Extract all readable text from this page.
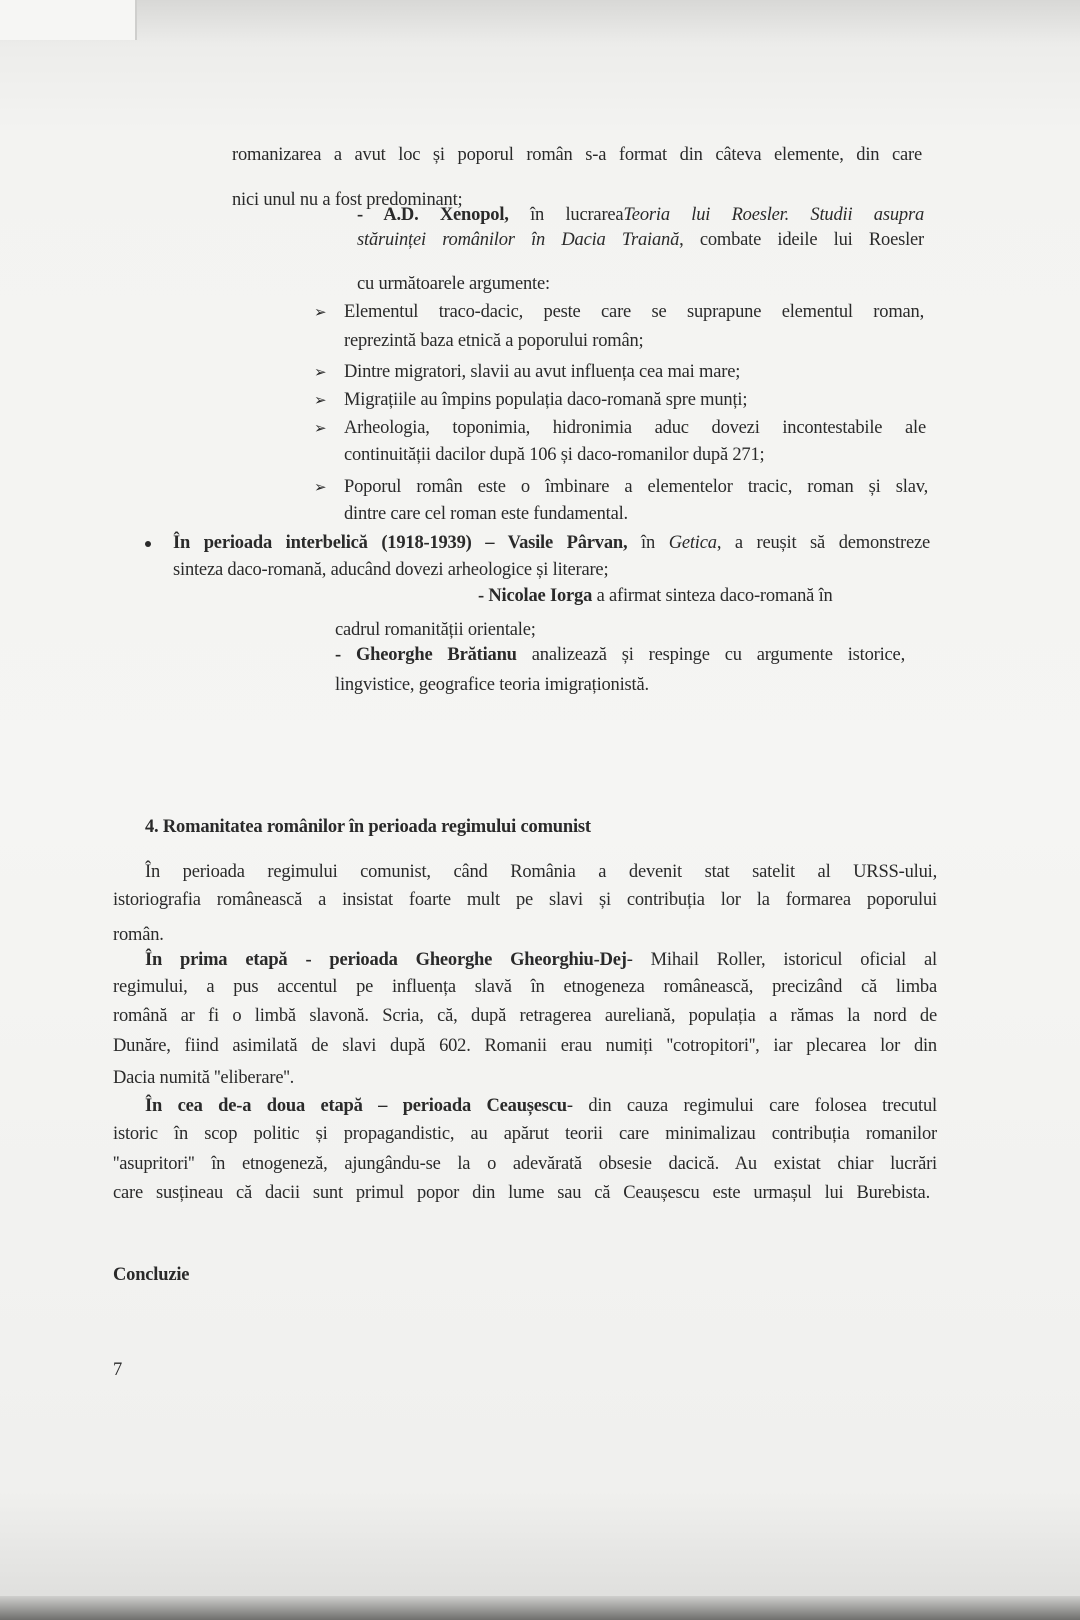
romanizarea a avut loc și poporul român s-a format din câteva elemente, din care
nici unul nu a fost predominant;
- A.D. Xenopol, în lucrareaTeoria lui Roesler. Studii asupra
stăruinței românilor în Dacia Traiană, combate ideile lui Roesler
cu următoarele argumente:
Elementul traco-dacic, peste care se suprapune elementul roman,
➢
reprezintă baza etnică a poporului român;
Dintre migratori, slavii au avut influența cea mai mare;
➢
Migrațiile au împins populația daco-romană spre munți;
➢
Arheologia, toponimia, hidronimia aduc dovezi incontestabile ale
➢
continuității dacilor după 106 și daco-romanilor după 271;
Poporul român este o îmbinare a elementelor tracic, roman și slav,
➢
dintre care cel roman este fundamental.
În perioada interbelică (1918-1939) – Vasile Pârvan, în Getica, a reușit să demonstreze
sinteza daco-romană, aducând dovezi arheologice și literare;
- Nicolae Iorga a afirmat sinteza daco-romană în
cadrul romanității orientale;
- Gheorghe Brătianu analizează și respinge cu argumente istorice,
lingvistice, geografice teoria imigraționistă.
4. Romanitatea românilor în perioada regimului comunist
În perioada regimului comunist, când România a devenit stat satelit al URSS-ului,
istoriografia românească a insistat foarte mult pe slavi și contribuția lor la formarea poporului
român.
În prima etapă - perioada Gheorghe Gheorghiu-Dej- Mihail Roller, istoricul oficial al
regimului, a pus accentul pe influența slavă în etnogeneza românească, precizând că limba
română ar fi o limbă slavonă. Scria, că, după retragerea aureliană, populația a rămas la nord de
Dunăre, fiind asimilată de slavi după 602. Romanii erau numiți ''cotropitori'', iar plecarea lor din
Dacia numită ''eliberare''.
În cea de-a doua etapă – perioada Ceaușescu- din cauza regimului care folosea trecutul
istoric în scop politic și propagandistic, au apărut teorii care minimalizau contribuția romanilor
''asupritori'' în etnogeneză, ajungându-se la o adevărată obsesie dacică. Au existat chiar lucrări
care susțineau că dacii sunt primul popor din lume sau că Ceaușescu este urmașul lui Burebista.
Concluzie
7
